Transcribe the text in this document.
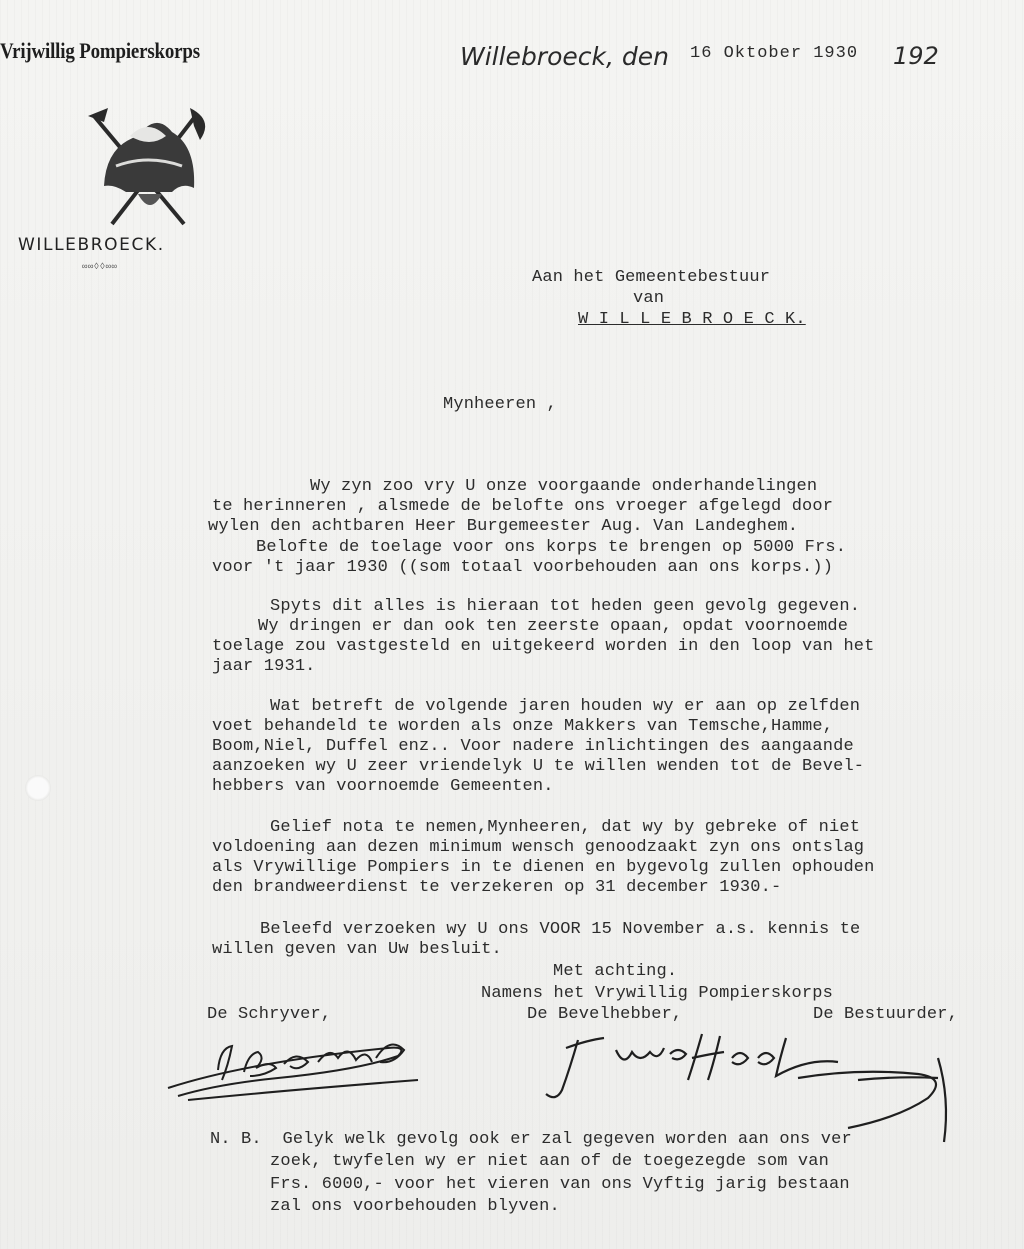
Vrijwillig Pompierskorps	Willebroeck, den 16 Oktober 1930 192

WILLEBROECK.
∞∞◊◊∞∞
Aan het Gemeentebestuur
van
W I L L E B R O E C K.
Mynheeren ,
Wy zyn zoo vry U onze voorgaande onderhandelingen
te herinneren , alsmede de belofte ons vroeger afgelegd door
wylen den achtbaren Heer Burgemeester Aug. Van Landeghem.
Belofte de toelage voor ons korps te brengen op 5000 Frs.
voor 't jaar 1930 ((som totaal voorbehouden aan ons korps.))
Spyts dit alles is hieraan tot heden geen gevolg gegeven.
Wy dringen er dan ook ten zeerste opaan, opdat voornoemde
toelage zou vastgesteld en uitgekeerd worden in den loop van het
jaar 1931.
Wat betreft de volgende jaren houden wy er aan op zelfden
voet behandeld te worden als onze Makkers van Temsche,Hamme,
Boom,Niel, Duffel enz.. Voor nadere inlichtingen des aangaande
aanzoeken wy U zeer vriendelyk U te willen wenden tot de Bevel-
hebbers van voornoemde Gemeenten.
Gelief nota te nemen,Mynheeren, dat wy by gebreke of niet
voldoening aan dezen minimum wensch genoodzaakt zyn ons ontslag
als Vrywillige Pompiers in te dienen en bygevolg zullen ophouden
den brandweerdienst te verzekeren op 31 december 1930.-
Beleefd verzoeken wy U ons VOOR 15 November a.s. kennis te
willen geven van Uw besluit.
Met achting.
Namens het Vrywillig Pompierskorps
De Schryver,	De Bevelhebber,	De Bestuurder,

N. B.  Gelyk welk gevolg ook er zal gegeven worden aan ons ver
zoek, twyfelen wy er niet aan of de toegezegde som van
Frs. 6000,- voor het vieren van ons Vyftig jarig bestaan
zal ons voorbehouden blyven.
